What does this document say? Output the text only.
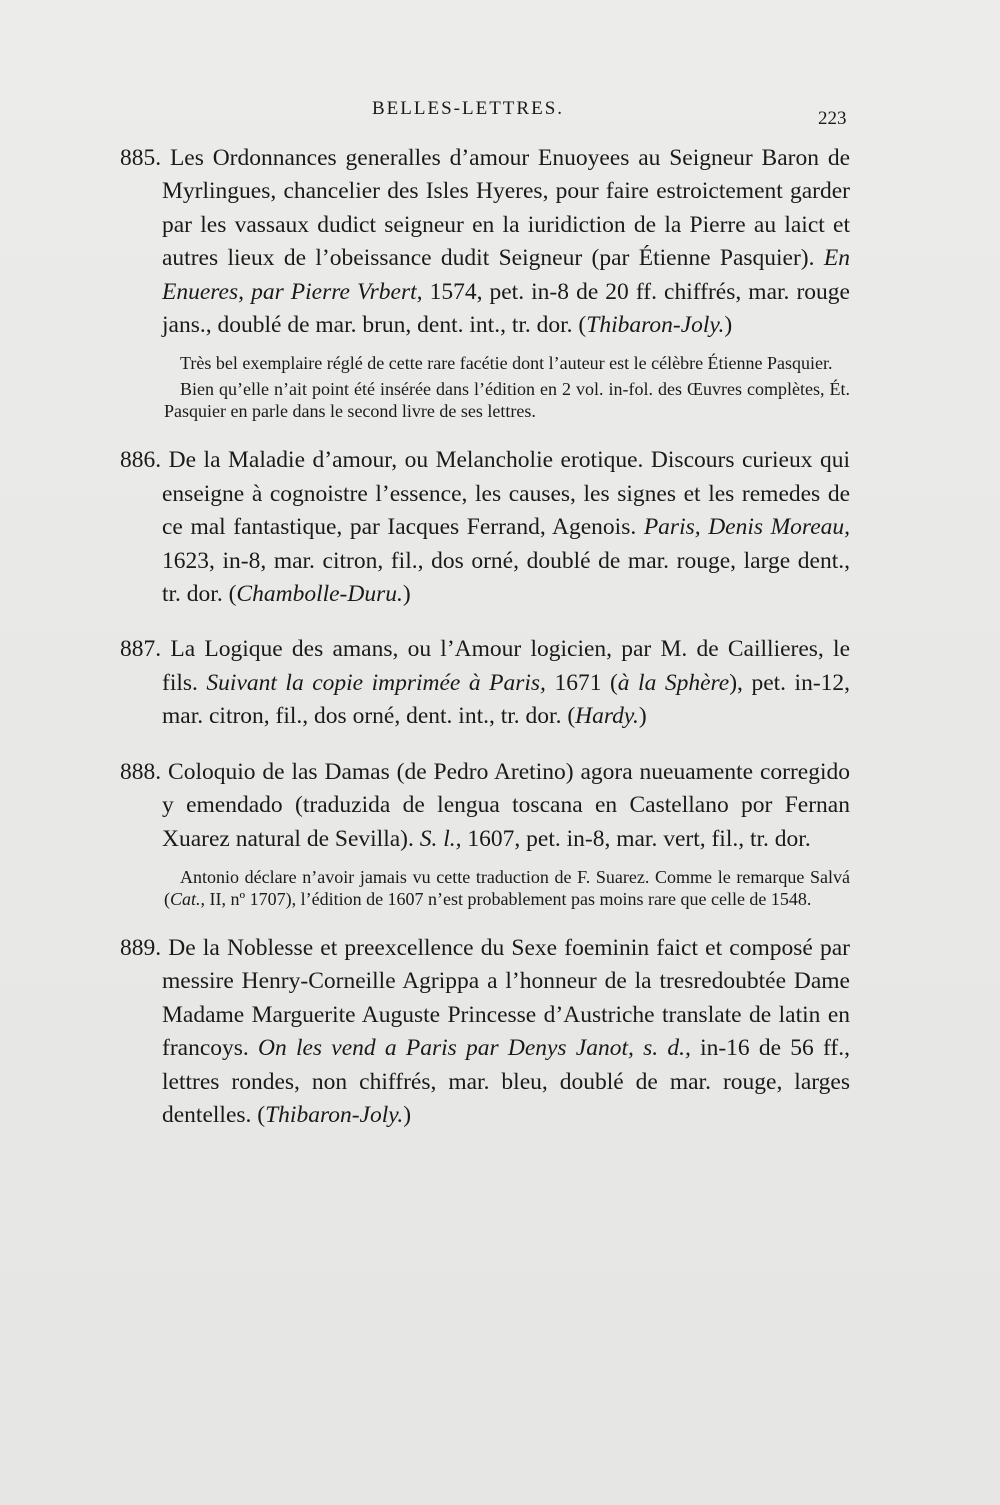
BELLES-LETTRES.	223

885. Les Ordonnances generalles d’amour Enuoyees au Seigneur Baron de Myrlingues, chancelier des Isles Hyeres, pour faire estroictement garder par les vassaux dudict seigneur en la iuridiction de la Pierre au laict et autres lieux de l’obeissance dudit Seigneur (par Étienne Pasquier). En Enueres, par Pierre Vrbert, 1574, pet. in-8 de 20 ff. chiffrés, mar. rouge jans., doublé de mar. brun, dent. int., tr. dor. (Thibaron-Joly.)

Très bel exemplaire réglé de cette rare facétie dont l’auteur est le célèbre Étienne Pasquier.

Bien qu’elle n’ait point été insérée dans l’édition en 2 vol. in-fol. des Œuvres complètes, Ét. Pasquier en parle dans le second livre de ses lettres.

886. De la Maladie d’amour, ou Melancholie erotique. Discours curieux qui enseigne à cognoistre l’essence, les causes, les signes et les remedes de ce mal fantastique, par Iacques Ferrand, Agenois. Paris, Denis Moreau, 1623, in-8, mar. citron, fil., dos orné, doublé de mar. rouge, large dent., tr. dor. (Chambolle-Duru.)

887. La Logique des amans, ou l’Amour logicien, par M. de Caillieres, le fils. Suivant la copie imprimée à Paris, 1671 (à la Sphère), pet. in-12, mar. citron, fil., dos orné, dent. int., tr. dor. (Hardy.)

888. Coloquio de las Damas (de Pedro Aretino) agora nueuamente corregido y emendado (traduzida de lengua toscana en Castellano por Fernan Xuarez natural de Sevilla). S. l., 1607, pet. in-8, mar. vert, fil., tr. dor.

Antonio déclare n’avoir jamais vu cette traduction de F. Suarez. Comme le remarque Salvá (Cat., II, nº 1707), l’édition de 1607 n’est probablement pas moins rare que celle de 1548.

889. De la Noblesse et preexcellence du Sexe foeminin faict et composé par messire Henry-Corneille Agrippa a l’honneur de la tresredoubtée Dame Madame Marguerite Auguste Princesse d’Austriche translate de latin en francoys. On les vend a Paris par Denys Janot, s. d., in-16 de 56 ff., lettres rondes, non chiffrés, mar. bleu, doublé de mar. rouge, larges dentelles. (Thibaron-Joly.)
